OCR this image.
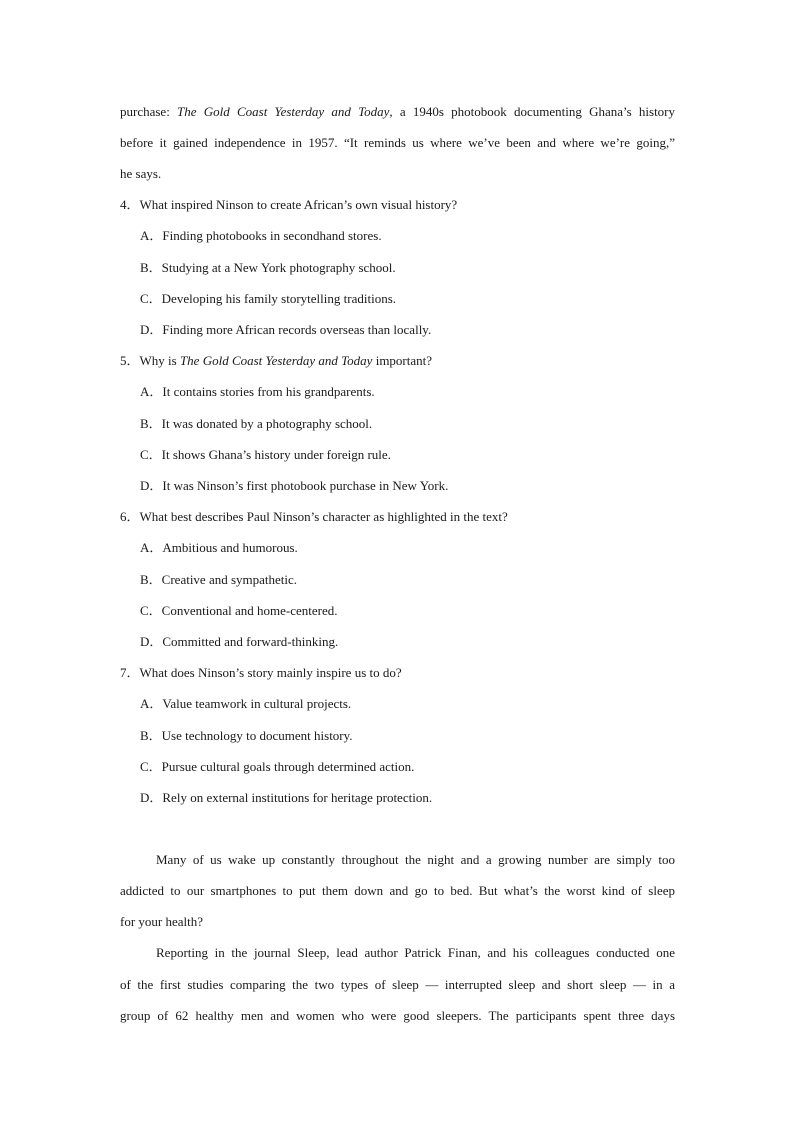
purchase: The Gold Coast Yesterday and Today, a 1940s photobook documenting Ghana’s history
before it gained independence in 1957. “It reminds us where we’ve been and where we’re going,”
he says.
4．What inspired Ninson to create African’s own visual history?
A．Finding photobooks in secondhand stores.
B．Studying at a New York photography school.
C．Developing his family storytelling traditions.
D．Finding more African records overseas than locally.
5．Why is The Gold Coast Yesterday and Today important?
A．It contains stories from his grandparents.
B．It was donated by a photography school.
C．It shows Ghana’s history under foreign rule.
D．It was Ninson’s first photobook purchase in New York.
6．What best describes Paul Ninson’s character as highlighted in the text?
A．Ambitious and humorous.
B．Creative and sympathetic.
C．Conventional and home-centered.
D．Committed and forward-thinking.
7．What does Ninson’s story mainly inspire us to do?
A．Value teamwork in cultural projects.
B．Use technology to document history.
C．Pursue cultural goals through determined action.
D．Rely on external institutions for heritage protection.
Many of us wake up constantly throughout the night and a growing number are simply too
addicted to our smartphones to put them down and go to bed. But what’s the worst kind of sleep
for your health?
Reporting in the journal Sleep, lead author Patrick Finan, and his colleagues conducted one
of the first studies comparing the two types of sleep — interrupted sleep and short sleep — in a
group of 62 healthy men and women who were good sleepers. The participants spent three days
